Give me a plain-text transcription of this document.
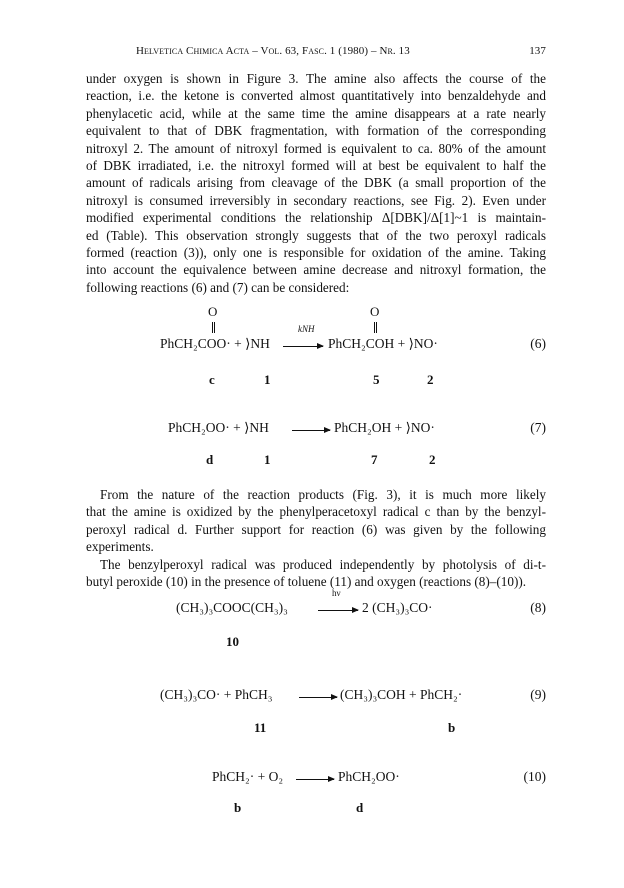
Helvetica Chimica Acta – Vol. 63, Fasc. 1 (1980) – Nr. 13	137
under oxygen is shown in Figure 3. The amine also affects the course of the
reaction, i.e. the ketone is converted almost quantitatively into benzaldehyde and
phenylacetic acid, while at the same time the amine disappears at a rate nearly
equivalent to that of DBK fragmentation, with formation of the corresponding
nitroxyl 2. The amount of nitroxyl formed is equivalent to ca. 80% of the amount
of DBK irradiated, i.e. the nitroxyl formed will at best be equivalent to half the
amount of radicals arising from cleavage of the DBK (a small proportion of the
nitroxyl is consumed irreversibly in secondary reactions, see Fig. 2). Even under
modified experimental conditions the relationship Δ[DBK]/Δ[1]~1 is maintain-
ed (Table). This observation strongly suggests that of the two peroxyl radicals
formed (reaction (3)), only one is responsible for oxidation of the amine. Taking
into account the equivalence between amine decrease and nitroxyl formation, the
following reactions (6) and (7) can be considered:
O	O
PhCH₂COO· + ⟩NH
kNH
→ PhCH₂COH + ⟩NO·	(6)
c	1	5	2
PhCH₂OO· + ⟩NH → PhCH₂OH + ⟩NO·	(7)
d	1	7	2
From the nature of the reaction products (Fig. 3), it is much more likely
that the amine is oxidized by the phenylperacetoxyl radical c than by the benzyl-
peroxyl radical d. Further support for reaction (6) was given by the following
experiments.
The benzylperoxyl radical was produced independently by photolysis of di-t-
butyl peroxide (10) in the presence of toluene (11) and oxygen (reactions (8)–(10)).
(CH₃)₃COOC(CH₃)₃
hν
→ 2 (CH₃)₃CO·	(8)
10
(CH₃)₃CO· + PhCH₃ → (CH₃)₃COH + PhCH₂·	(9)
11	b
PhCH₂· + O₂ → PhCH₂OO·	(10)
b	d
